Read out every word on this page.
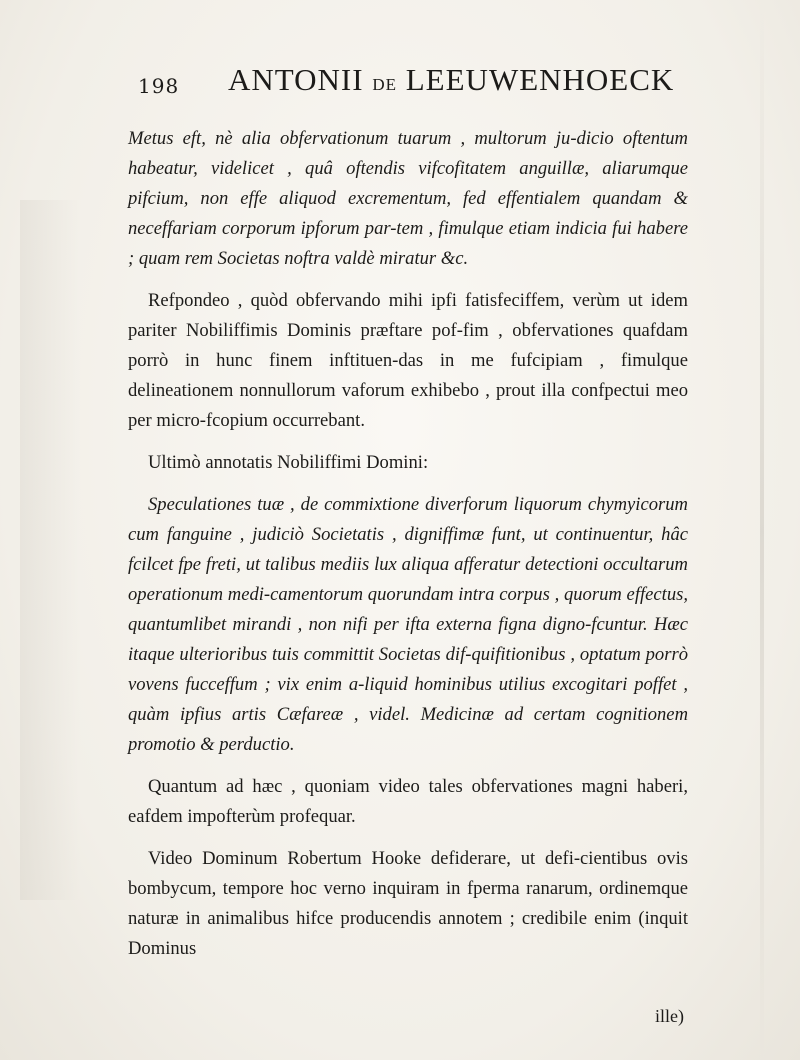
198 ANTONII DE LEEUWENHOECK

Metus eft, nè alia obfervationum tuarum , multorum ju-dicio oftentum habeatur, videlicet , quâ oftendis vifcofitatem anguillæ, aliarumque pifcium, non effe aliquod excrementum, fed effentialem quandam & neceffariam corporum ipforum par-tem , fimulque etiam indicia fui habere ; quam rem Societas noftra valdè miratur &c.

Refpondeo , quòd obfervando mihi ipfi fatisfeciffem, verùm ut idem pariter Nobiliffimis Dominis præftare pof-fim , obfervationes quafdam porrò in hunc finem inftituen-das in me fufcipiam , fimulque delineationem nonnullorum vaforum exhibebo , prout illa confpectui meo per micro-fcopium occurrebant.

Ultimò annotatis Nobiliffimi Domini:

Speculationes tuæ , de commixtione diverforum liquorum chymyicorum cum fanguine , judiciò Societatis , digniffimæ funt, ut continuentur, hâc fcilcet fpe freti, ut talibus mediis lux aliqua afferatur detectioni occultarum operationum medi-camentorum quorundam intra corpus , quorum effectus, quantumlibet mirandi , non nifi per ifta externa figna digno-fcuntur. Hæc itaque ulterioribus tuis committit Societas dif-quifitionibus , optatum porrò vovens fucceffum ; vix enim a-liquid hominibus utilius excogitari poffet , quàm ipfius artis Cæfareæ , videl. Medicinæ ad certam cognitionem promotio & perductio.

Quantum ad hæc , quoniam video tales obfervationes magni haberi, eafdem impofterùm profequar.

Video Dominum Robertum Hooke defiderare, ut defi-cientibus ovis bombycum, tempore hoc verno inquiram in fperma ranarum, ordinemque naturæ in animalibus hifce producendis annotem ; credibile enim (inquit Dominus

ille)
